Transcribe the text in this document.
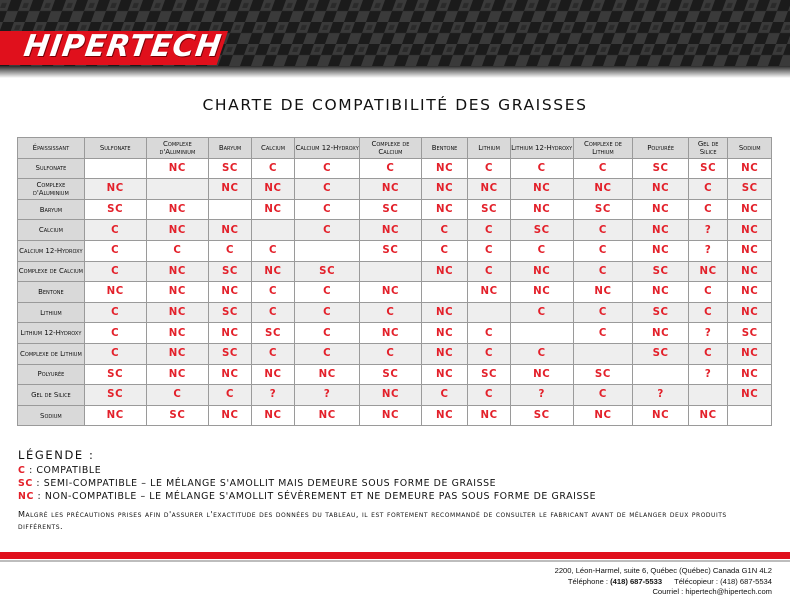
HIPERTECH
CHARTE DE COMPATIBILITÉ DES GRAISSES
Épaississant	Sulfonate	Complexe d'Aluminium	Baryum	Calcium	Calcium 12-Hydroxy	Complexe de Calcium	Bentone	Lithium	Lithium 12-Hydroxy	Complexe de Lithium	Polyurée	Gel de Silice	Sodium
Sulfonate		NC	SC	C	C	C	NC	C	C	C	SC	SC	NC
Complexe d'Aluminium	NC		NC	NC	C	NC	NC	NC	NC	NC	NC	C	SC
Baryum	SC	NC		NC	C	SC	NC	SC	NC	SC	NC	C	NC
Calcium	C	NC	NC		C	NC	C	C	SC	C	NC	?	NC
Calcium 12-Hydroxy	C	C	C	C		SC	C	C	C	C	NC	?	NC
Complexe de Calcium	C	NC	SC	NC	SC		NC	C	NC	C	SC	NC	NC
Bentone	NC	NC	NC	C	C	NC		NC	NC	NC	NC	C	NC
Lithium	C	NC	SC	C	C	C	NC		C	C	SC	C	NC
Lithium 12-Hydroxy	C	NC	NC	SC	C	NC	NC	C		C	NC	?	SC
Complexe de Lithium	C	NC	SC	C	C	C	NC	C	C		SC	C	NC
Polyurée	SC	NC	NC	NC	NC	SC	NC	SC	NC	SC		?	NC
Gel de Silice	SC	C	C	?	?	NC	C	C	?	C	?		NC
Sodium	NC	SC	NC	NC	NC	NC	NC	NC	SC	NC	NC	NC	
LÉGENDE :
C : COMPATIBLE
SC : SEMI-COMPATIBLE – LE MÉLANGE S'AMOLLIT MAIS DEMEURE SOUS FORME DE GRAISSE
NC : NON-COMPATIBLE – LE MÉLANGE S'AMOLLIT SÉVÈREMENT ET NE DEMEURE PAS SOUS FORME DE GRAISSE
Malgré les précautions prises afin d'assurer l'exactitude des données du tableau, il est fortement recommandé de consulter le fabricant avant de mélanger deux produits différents.
2200, Léon-Harmel, suite 6, Québec (Québec) Canada G1N 4L2
Téléphone : (418) 687-5533 Télécopieur : (418) 687-5534
Courriel : hipertech@hipertech.com
